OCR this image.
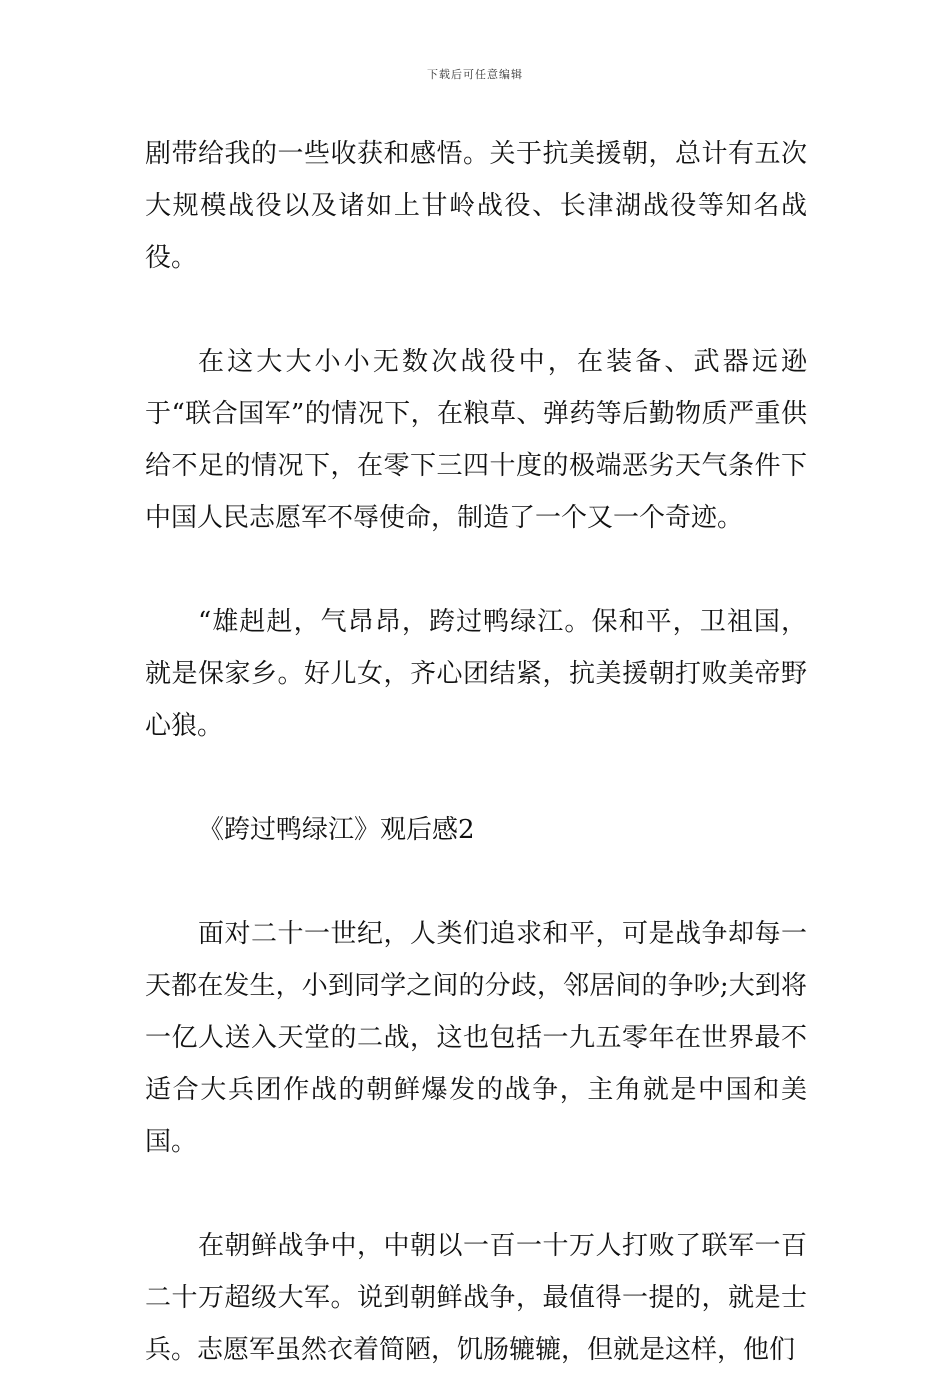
下载后可任意编辑

剧带给我的一些收获和感悟。关于抗美援朝，总计有五次大规模战役以及诸如上甘岭战役、长津湖战役等知名战役。

在这大大小小无数次战役中，在装备、武器远逊于“联合国军”的情况下，在粮草、弹药等后勤物质严重供给不足的情况下，在零下三四十度的极端恶劣天气条件下中国人民志愿军不辱使命，制造了一个又一个奇迹。

“雄赳赳，气昂昂，跨过鸭绿江。保和平，卫祖国，就是保家乡。好儿女，齐心团结紧，抗美援朝打败美帝野心狼。

《跨过鸭绿江》观后感2

面对二十一世纪，人类们追求和平，可是战争却每一天都在发生，小到同学之间的分歧，邻居间的争吵;大到将一亿人送入天堂的二战，这也包括一九五零年在世界最不适合大兵团作战的朝鲜爆发的战争，主角就是中国和美国。

在朝鲜战争中，中朝以一百一十万人打败了联军一百二十万超级大军。说到朝鲜战争，最值得一提的，就是士兵。志愿军虽然衣着简陋，饥肠辘辘，但就是这样，他们
